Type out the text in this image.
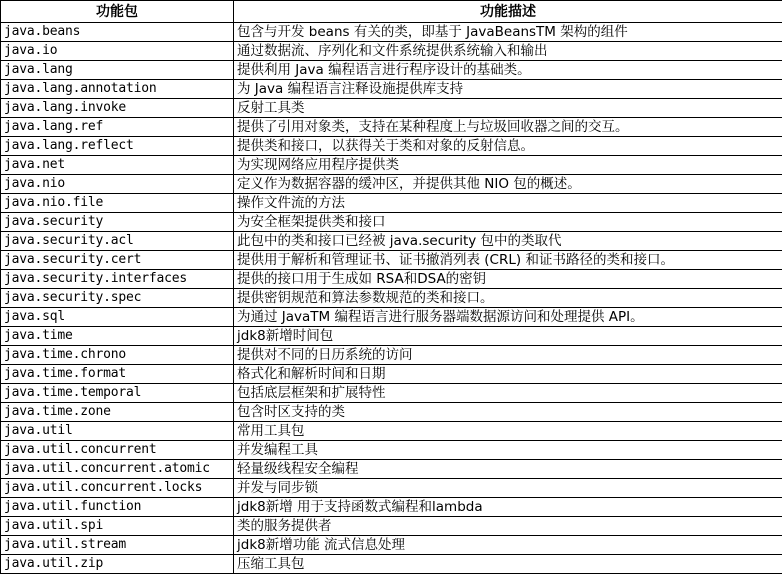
功能包	功能描述
java.beans	包含与开发 beans 有关的类，即基于 JavaBeansTM 架构的组件
java.io	通过数据流、序列化和文件系统提供系统输入和输出
java.lang	提供利用 Java 编程语言进行程序设计的基础类。
java.lang.annotation	为 Java 编程语言注释设施提供库支持
java.lang.invoke	反射工具类
java.lang.ref	提供了引用对象类，支持在某种程度上与垃圾回收器之间的交互。
java.lang.reflect	提供类和接口，以获得关于类和对象的反射信息。
java.net	为实现网络应用程序提供类
java.nio	定义作为数据容器的缓冲区，并提供其他 NIO 包的概述。
java.nio.file	操作文件流的方法
java.security	为安全框架提供类和接口
java.security.acl	此包中的类和接口已经被 java.security 包中的类取代
java.security.cert	提供用于解析和管理证书、证书撤消列表 (CRL) 和证书路径的类和接口。
java.security.interfaces	提供的接口用于生成如 RSA和DSA的密钥
java.security.spec	提供密钥规范和算法参数规范的类和接口。
java.sql	为通过 JavaTM 编程语言进行服务器端数据源访问和处理提供 API。
java.time	jdk8新增时间包
java.time.chrono	提供对不同的日历系统的访问
java.time.format	格式化和解析时间和日期
java.time.temporal	包括底层框架和扩展特性
java.time.zone	包含时区支持的类
java.util	常用工具包
java.util.concurrent	并发编程工具
java.util.concurrent.atomic	轻量级线程安全编程
java.util.concurrent.locks	并发与同步锁
java.util.function	jdk8新增 用于支持函数式编程和lambda
java.util.spi	类的服务提供者
java.util.stream	jdk8新增功能 流式信息处理
java.util.zip	压缩工具包
